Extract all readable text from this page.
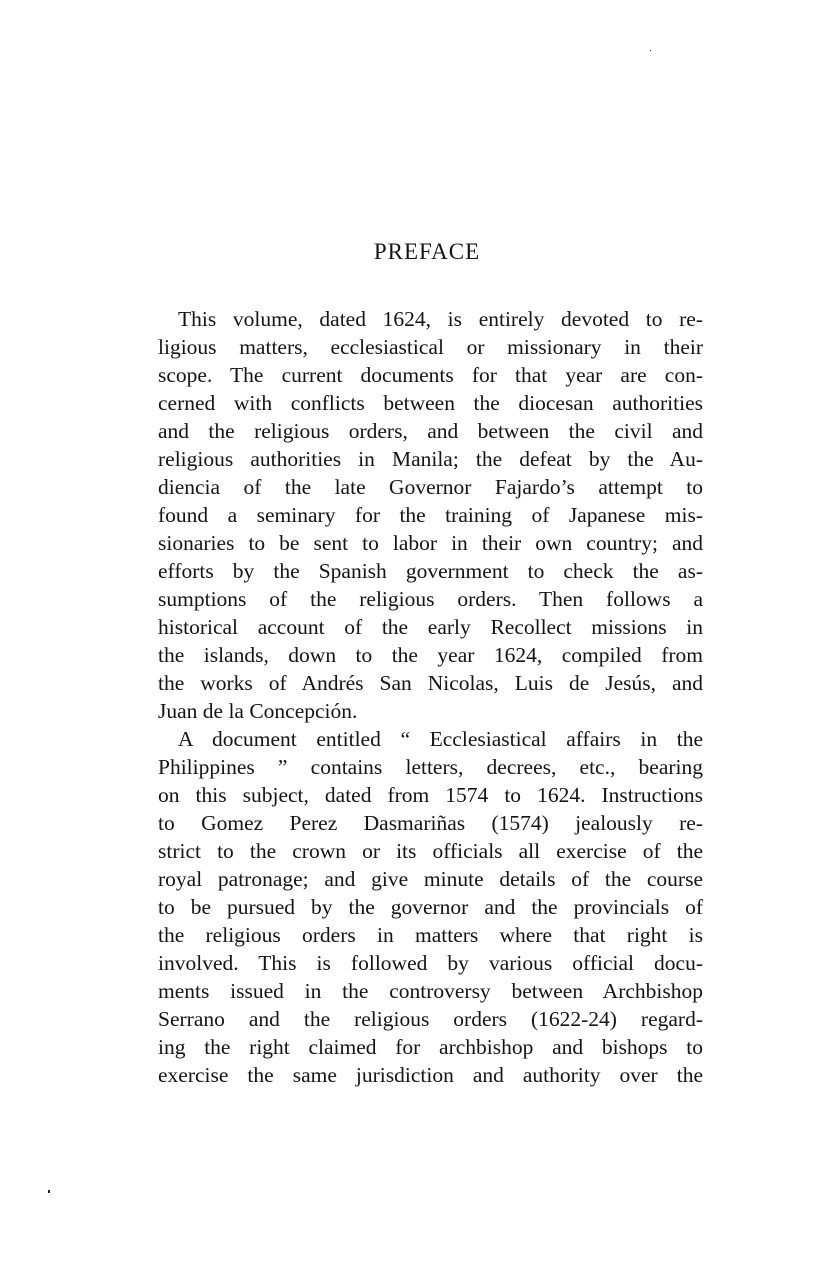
PREFACE
This volume, dated 1624, is entirely devoted to re-
ligious matters, ecclesiastical or missionary in their
scope. The current documents for that year are con-
cerned with conflicts between the diocesan authorities
and the religious orders, and between the civil and
religious authorities in Manila; the defeat by the Au-
diencia of the late Governor Fajardo’s attempt to
found a seminary for the training of Japanese mis-
sionaries to be sent to labor in their own country; and
efforts by the Spanish government to check the as-
sumptions of the religious orders. Then follows a
historical account of the early Recollect missions in
the islands, down to the year 1624, compiled from
the works of Andrés San Nicolas, Luis de Jesús, and
Juan de la Concepción.
A document entitled “ Ecclesiastical affairs in the
Philippines ” contains letters, decrees, etc., bearing
on this subject, dated from 1574 to 1624. Instructions
to Gomez Perez Dasmariñas (1574) jealously re-
strict to the crown or its officials all exercise of the
royal patronage; and give minute details of the course
to be pursued by the governor and the provincials of
the religious orders in matters where that right is
involved. This is followed by various official docu-
ments issued in the controversy between Archbishop
Serrano and the religious orders (1622-24) regard-
ing the right claimed for archbishop and bishops to
exercise the same jurisdiction and authority over the
